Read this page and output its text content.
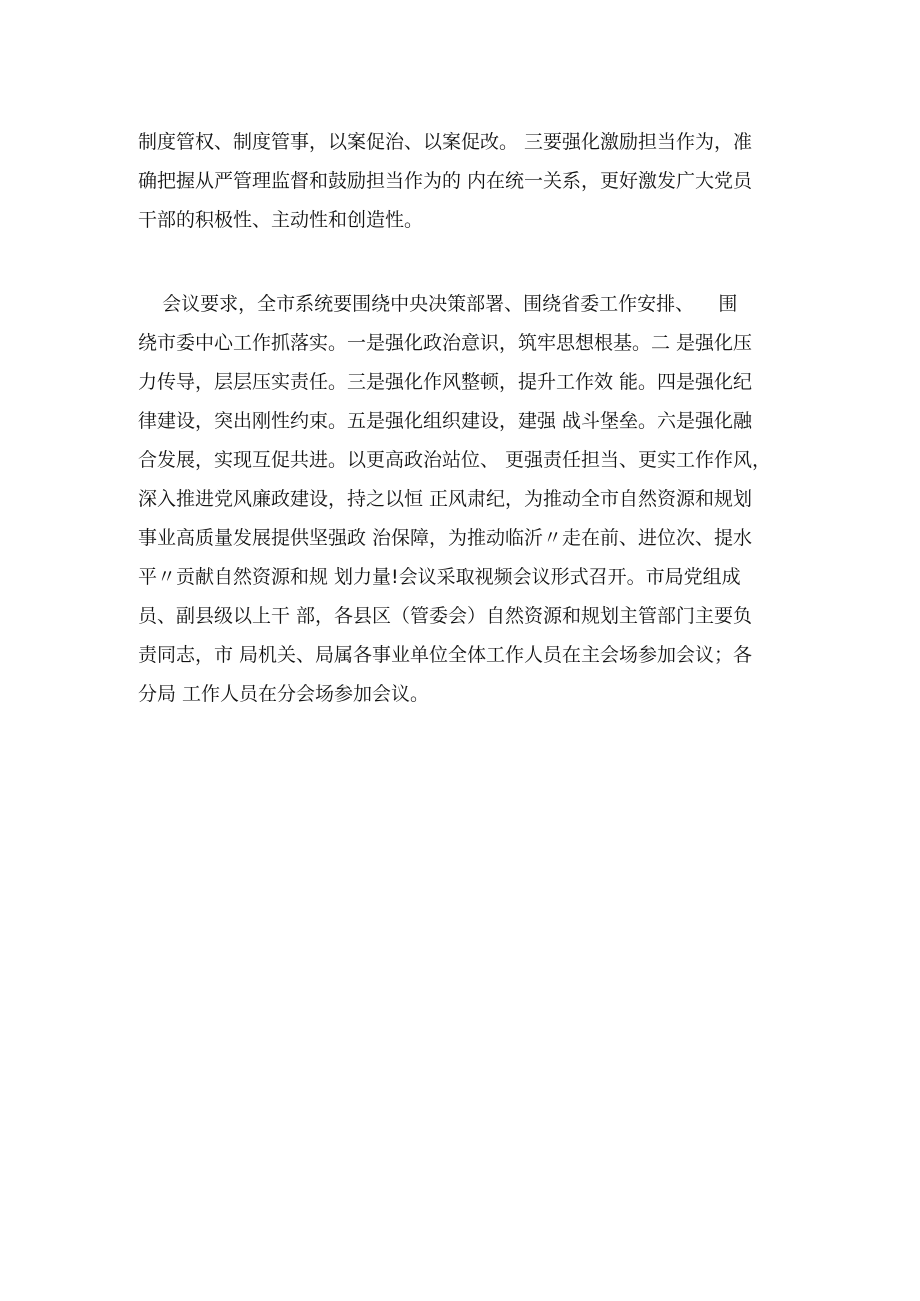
制度管权、制度管事，以案促治、以案促改。 三要强化激励担当作为，准
确把握从严管理监督和鼓励担当作为的 内在统一关系，更好激发广大党员
干部的积极性、主动性和创造性。
会议要求，全市系统要围绕中央决策部署、围绕省委工作安排、    围
绕市委中心工作抓落实。一是强化政治意识，筑牢思想根基。二 是强化压
力传导，层层压实责任。三是强化作风整顿，提升工作效 能。四是强化纪
律建设，突出刚性约束。五是强化组织建设，建强 战斗堡垒。六是强化融
合发展，实现互促共进。以更高政治站位、 更强责任担当、更实工作作风，
深入推进党风廉政建设，持之以恒 正风肃纪，为推动全市自然资源和规划
事业高质量发展提供坚强政 治保障，为推动临沂〃走在前、进位次、提水
平〃贡献自然资源和规 划力量!会议采取视频会议形式召开。市局党组成
员、副县级以上干 部，各县区（管委会）自然资源和规划主管部门主要负
责同志，市 局机关、局属各事业单位全体工作人员在主会场参加会议；各
分局 工作人员在分会场参加会议。
